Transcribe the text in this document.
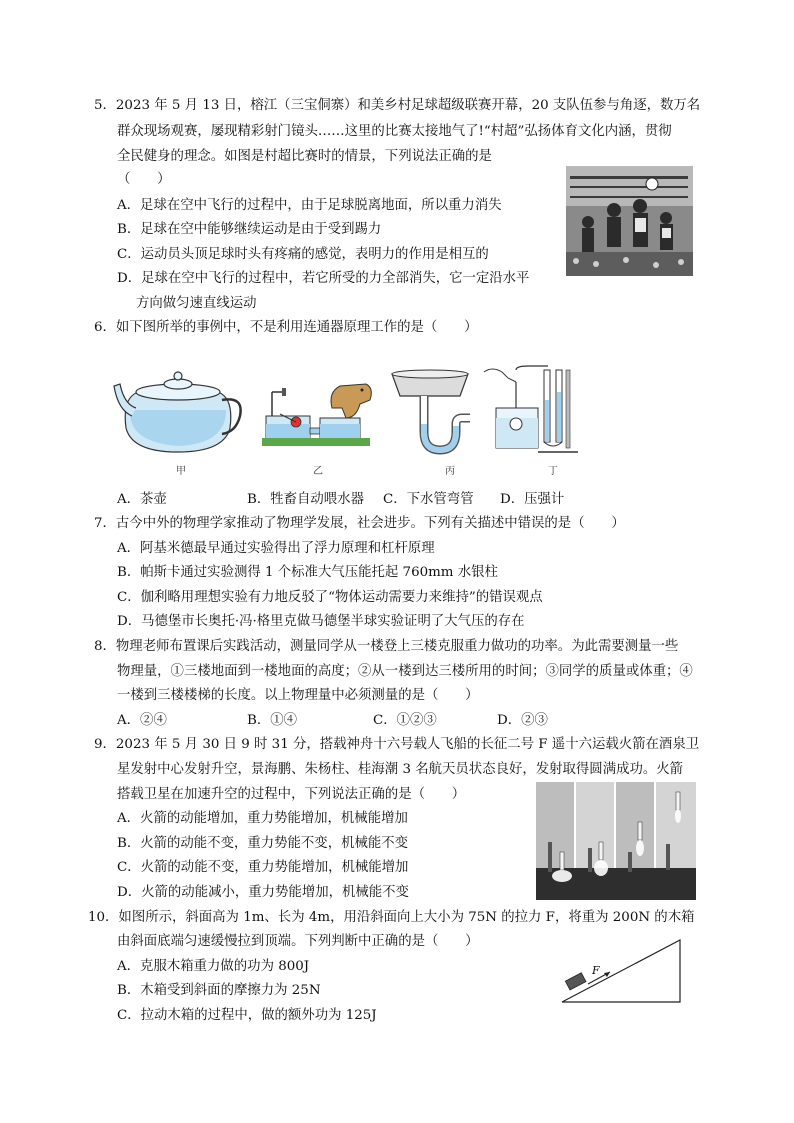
5．2023 年 5 月 13 日，榕江（三宝侗寨）和美乡村足球超级联赛开幕，20 支队伍参与角逐，数万名
群众现场观赛，屡现精彩射门镜头……这里的比赛太接地气了!“村超”弘扬体育文化内涵，贯彻
全民健身的理念。如图是村超比赛时的情景，下列说法正确的是
（　　）
A．足球在空中飞行的过程中，由于足球脱离地面，所以重力消失
B．足球在空中能够继续运动是由于受到踢力
C．运动员头顶足球时头有疼痛的感觉，表明力的作用是相互的
D．足球在空中飞行的过程中，若它所受的力全部消失，它一定沿水平
方向做匀速直线运动
6．如下图所举的事例中，不是利用连通器原理工作的是（　　）
甲	乙	丙	丁
A．茶壶	B．牲畜自动喂水器 C．下水管弯管 D．压强计
7．古今中外的物理学家推动了物理学发展，社会进步。下列有关描述中错误的是（　　）
A．阿基米德最早通过实验得出了浮力原理和杠杆原理
B．帕斯卡通过实验测得 1 个标准大气压能托起 760mm 水银柱
C．伽利略用理想实验有力地反驳了“物体运动需要力来维持”的错误观点
D．马德堡市长奥托·冯·格里克做马德堡半球实验证明了大气压的存在
8．物理老师布置课后实践活动，测量同学从一楼登上三楼克服重力做功的功率。为此需要测量一些
物理量，①三楼地面到一楼地面的高度；②从一楼到达三楼所用的时间；③同学的质量或体重；④
一楼到三楼楼梯的长度。以上物理量中必须测量的是（　　）
A．②④	B．①④	C．①②③	D．②③
9．2023 年 5 月 30 日 9 时 31 分，搭载神舟十六号载人飞船的长征二号 F 遥十六运载火箭在酒泉卫
星发射中心发射升空，景海鹏、朱杨柱、桂海潮 3 名航天员状态良好，发射取得圆满成功。火箭
搭载卫星在加速升空的过程中，下列说法正确的是（　　）
A．火箭的动能增加，重力势能增加，机械能增加
B．火箭的动能不变，重力势能不变，机械能不变
C．火箭的动能不变，重力势能增加，机械能增加
D．火箭的动能减小，重力势能增加，机械能不变
10．如图所示，斜面高为 1m、长为 4m，用沿斜面向上大小为 75N 的拉力 F，将重为 200N 的木箱
由斜面底端匀速缓慢拉到顶端。下列判断中正确的是（　　）
A．克服木箱重力做的功为 800J
B．木箱受到斜面的摩擦力为 25N
C．拉动木箱的过程中，做的额外功为 125J
F
